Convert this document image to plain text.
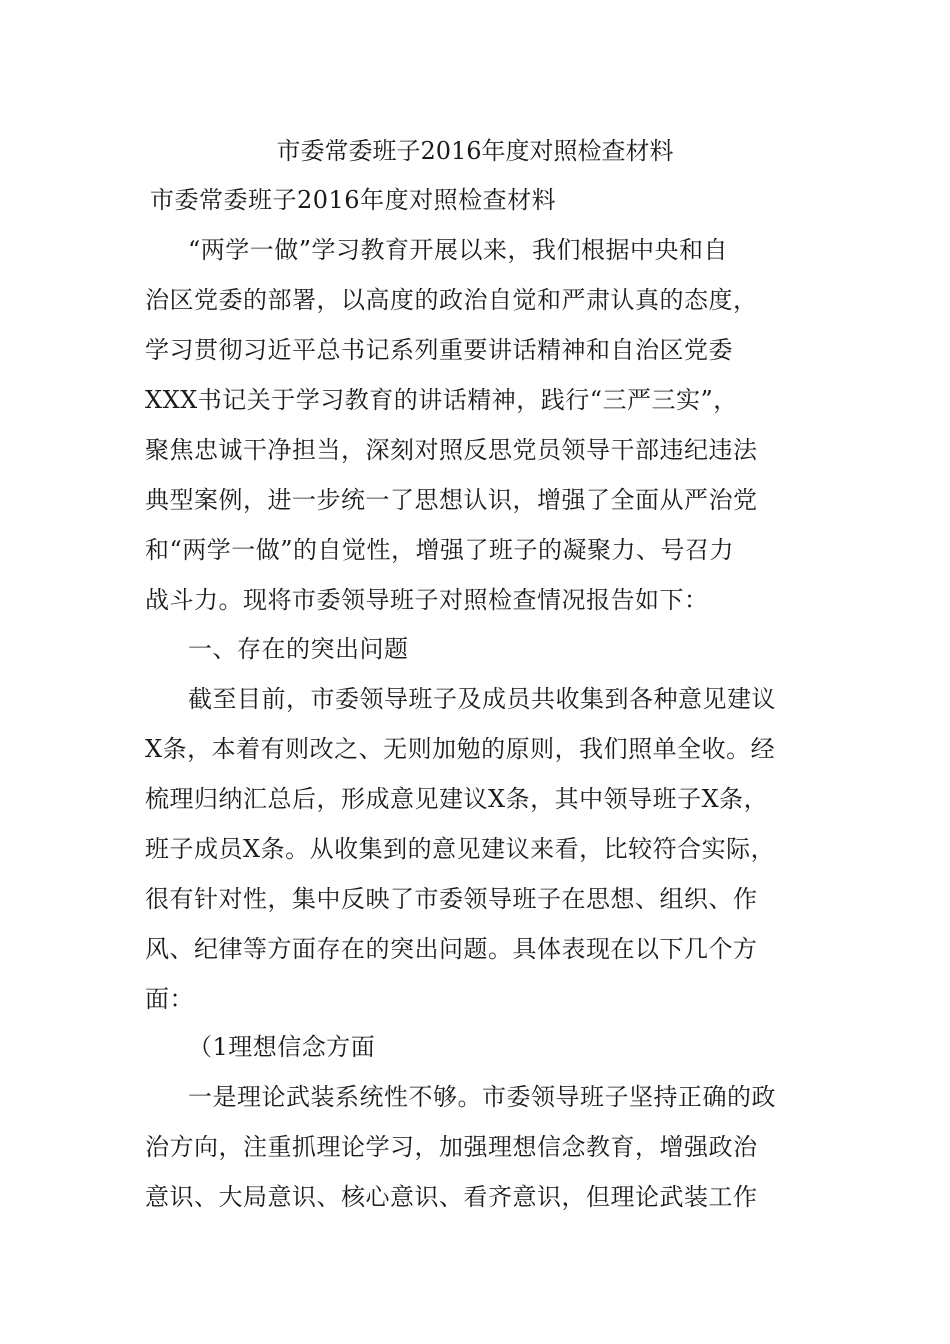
市委常委班子2016年度对照检查材料
市委常委班子2016年度对照检查材料
“两学一做”学习教育开展以来，我们根据中央和自
治区党委的部署，以高度的政治自觉和严肃认真的态度，
学习贯彻习近平总书记系列重要讲话精神和自治区党委
XXX书记关于学习教育的讲话精神，践行“三严三实”，
聚焦忠诚干净担当，深刻对照反思党员领导干部违纪违法
典型案例，进一步统一了思想认识，增强了全面从严治党
和“两学一做”的自觉性，增强了班子的凝聚力、号召力
战斗力。现将市委领导班子对照检查情况报告如下：
一、存在的突出问题
截至目前，市委领导班子及成员共收集到各种意见建议
X条，本着有则改之、无则加勉的原则，我们照单全收。经
梳理归纳汇总后，形成意见建议X条，其中领导班子X条，
班子成员X条。从收集到的意见建议来看，比较符合实际，
很有针对性，集中反映了市委领导班子在思想、组织、作
风、纪律等方面存在的突出问题。具体表现在以下几个方
面：
（1理想信念方面
一是理论武装系统性不够。市委领导班子坚持正确的政
治方向，注重抓理论学习，加强理想信念教育，增强政治
意识、大局意识、核心意识、看齐意识，但理论武装工作
